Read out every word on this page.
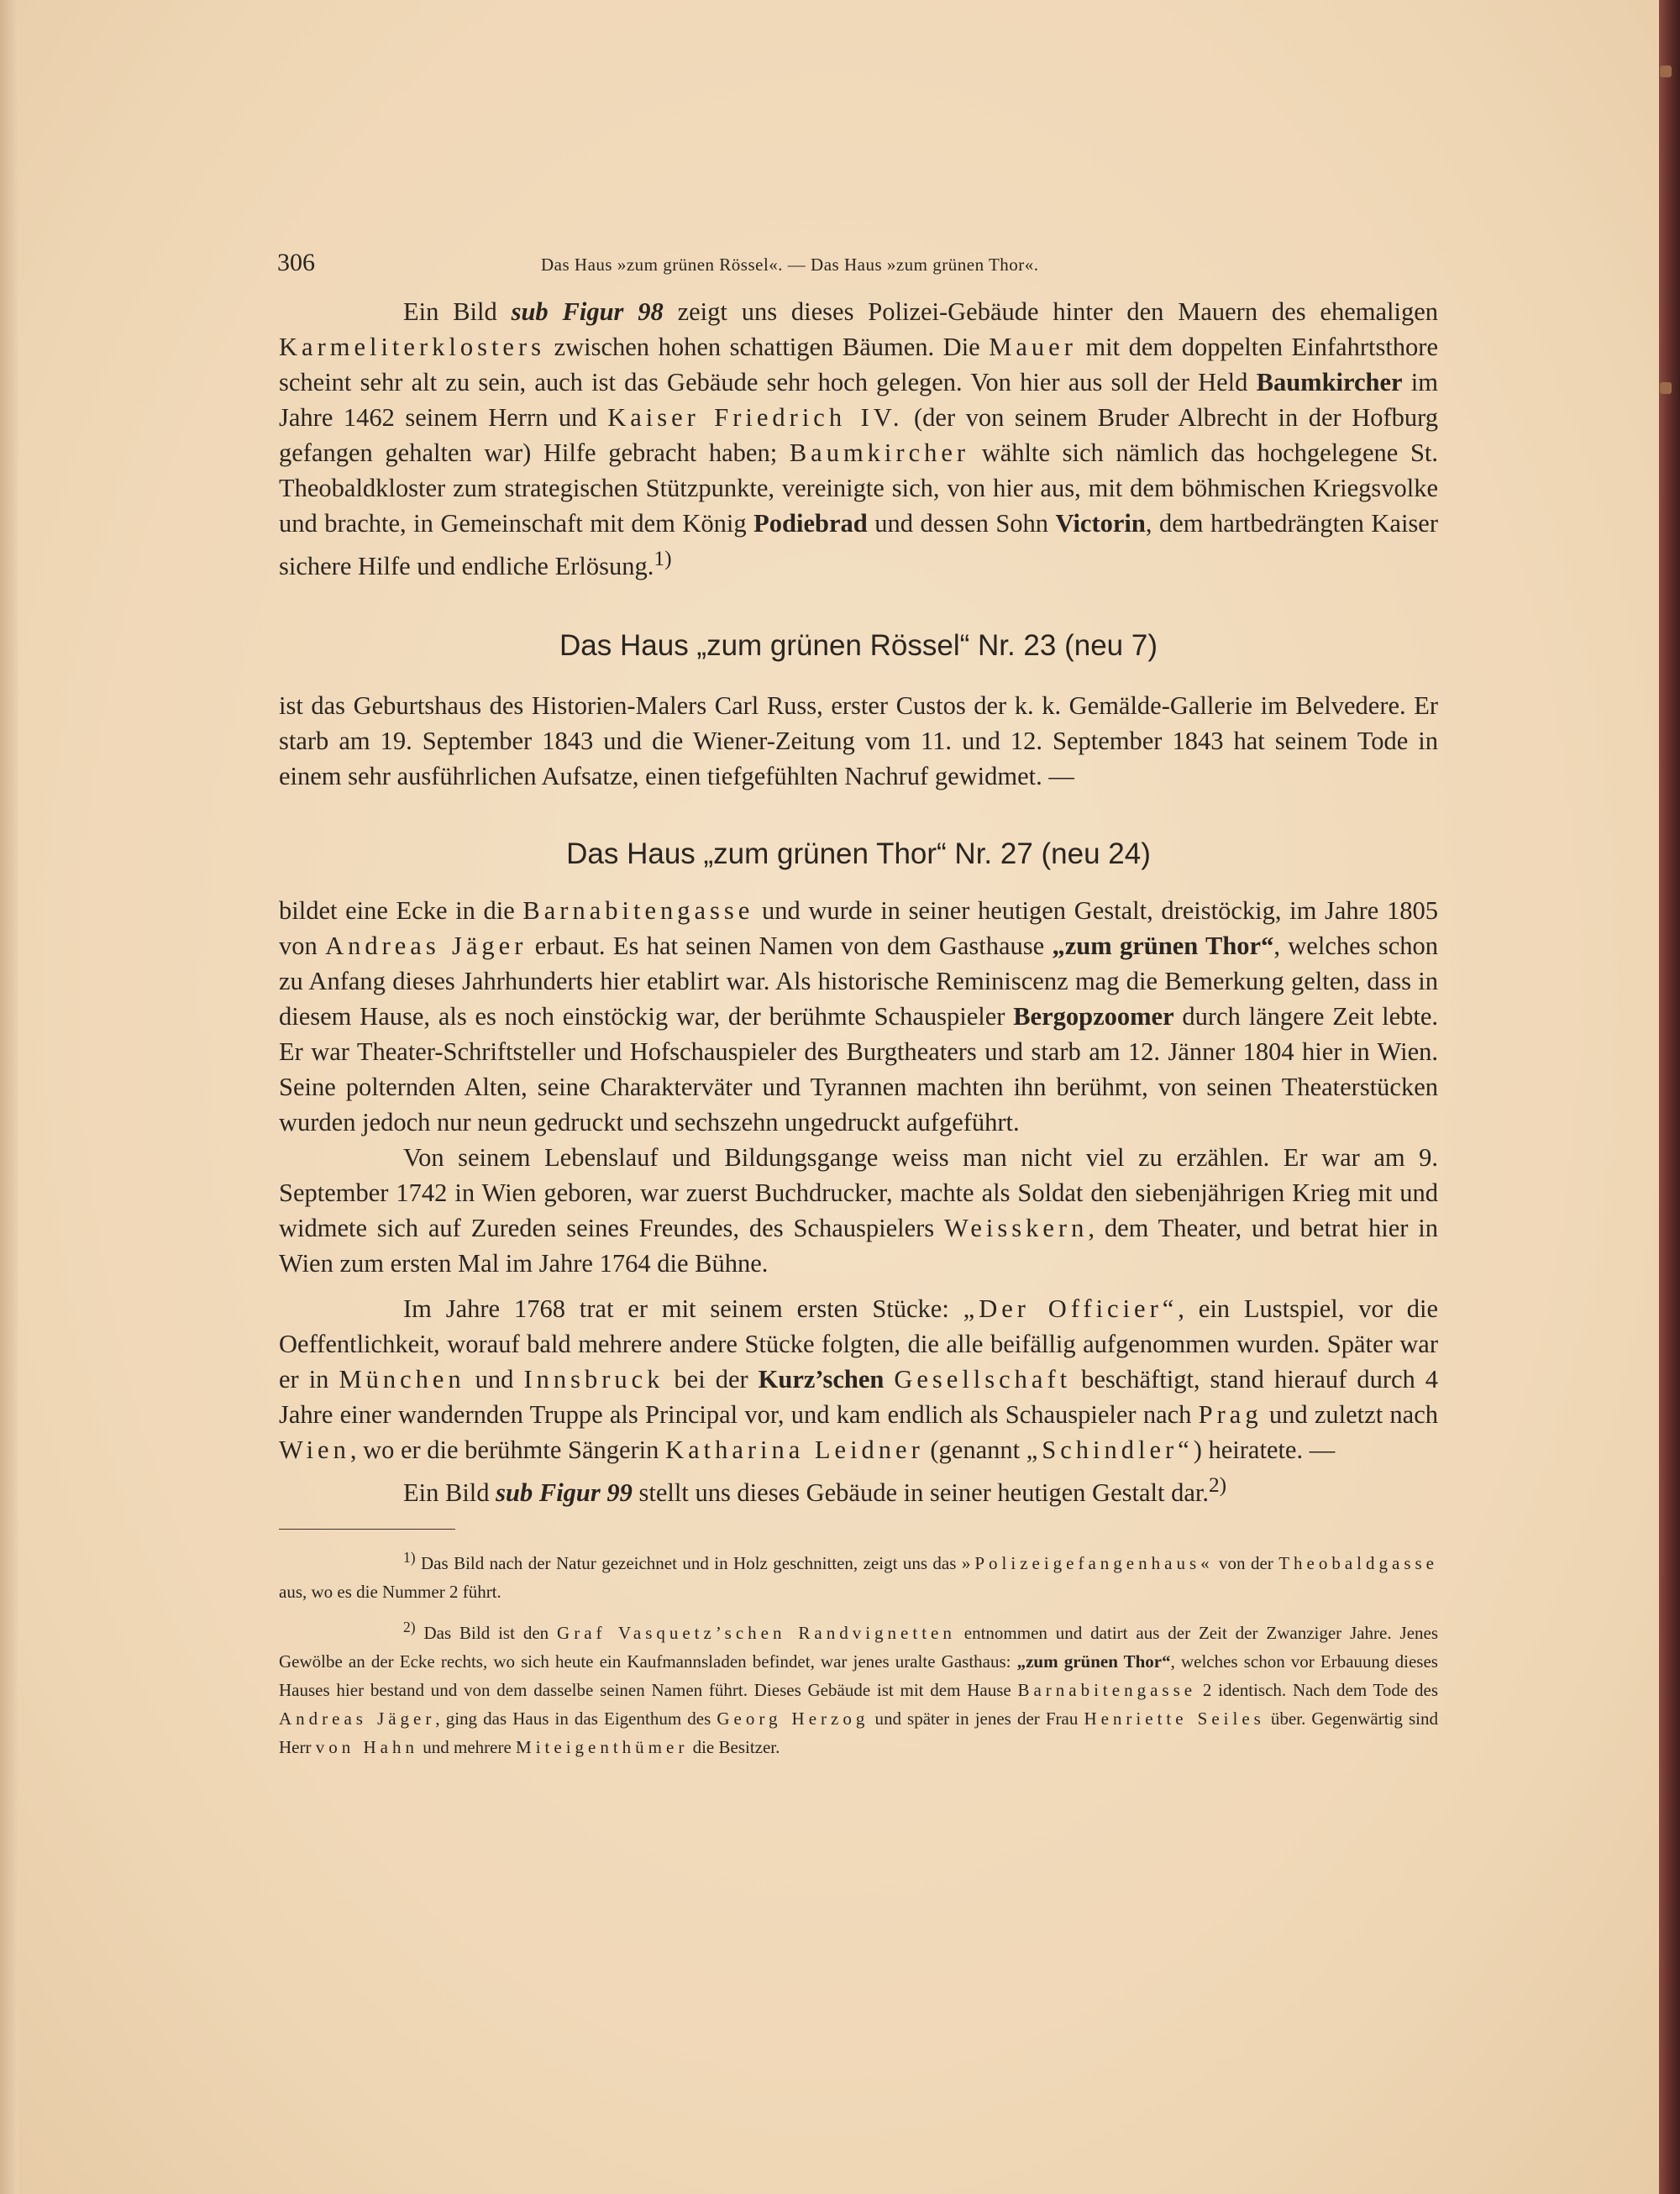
306	Das Haus »zum grünen Rössel«. — Das Haus »zum grünen Thor«.

Ein Bild sub Figur 98 zeigt uns dieses Polizei-Gebäude hinter den Mauern des ehemaligen Karmeliterklosters zwischen hohen schattigen Bäumen. Die Mauer mit dem doppelten Einfahrtsthore scheint sehr alt zu sein, auch ist das Gebäude sehr hoch gelegen. Von hier aus soll der Held Baumkircher im Jahre 1462 seinem Herrn und Kaiser Friedrich IV. (der von seinem Bruder Albrecht in der Hofburg gefangen gehalten war) Hilfe gebracht haben; Baumkircher wählte sich nämlich das hochgelegene St. Theobaldkloster zum strategischen Stützpunkte, vereinigte sich, von hier aus, mit dem böhmischen Kriegsvolke und brachte, in Gemeinschaft mit dem König Podiebrad und dessen Sohn Victorin, dem hartbedrängten Kaiser sichere Hilfe und endliche Erlösung.$^{1)}$

Das Haus „zum grünen Rössel“ Nr. 23 (neu 7)

ist das Geburtshaus des Historien-Malers Carl Russ, erster Custos der k. k. Gemälde-Gallerie im Belvedere. Er starb am 19. September 1843 und die Wiener-Zeitung vom 11. und 12. September 1843 hat seinem Tode in einem sehr ausführlichen Aufsatze, einen tiefgefühlten Nachruf gewidmet. —

Das Haus „zum grünen Thor“ Nr. 27 (neu 24)

bildet eine Ecke in die Barnabitengasse und wurde in seiner heutigen Gestalt, dreistöckig, im Jahre 1805 von Andreas Jäger erbaut. Es hat seinen Namen von dem Gasthause „zum grünen Thor“, welches schon zu Anfang dieses Jahrhunderts hier etablirt war. Als historische Reminiscenz mag die Bemerkung gelten, dass in diesem Hause, als es noch einstöckig war, der berühmte Schauspieler Bergopzoomer durch längere Zeit lebte. Er war Theater-Schriftsteller und Hofschauspieler des Burgtheaters und starb am 12. Jänner 1804 hier in Wien. Seine polternden Alten, seine Charakterväter und Tyrannen machten ihn berühmt, von seinen Theaterstücken wurden jedoch nur neun gedruckt und sechszehn ungedruckt aufgeführt.

Von seinem Lebenslauf und Bildungsgange weiss man nicht viel zu erzählen. Er war am 9. September 1742 in Wien geboren, war zuerst Buchdrucker, machte als Soldat den siebenjährigen Krieg mit und widmete sich auf Zureden seines Freundes, des Schauspielers Weisskern, dem Theater, und betrat hier in Wien zum ersten Mal im Jahre 1764 die Bühne.

Im Jahre 1768 trat er mit seinem ersten Stücke: „Der Officier“, ein Lustspiel, vor die Oeffentlichkeit, worauf bald mehrere andere Stücke folgten, die alle beifällig aufgenommen wurden. Später war er in München und Innsbruck bei der Kurz’schen Gesellschaft beschäftigt, stand hierauf durch 4 Jahre einer wandernden Truppe als Principal vor, und kam endlich als Schauspieler nach Prag und zuletzt nach Wien, wo er die berühmte Sängerin Katharina Leidner (genannt „Schindler“) heiratete. —

Ein Bild sub Figur 99 stellt uns dieses Gebäude in seiner heutigen Gestalt dar.$^{2)}$

$^{1)}$ Das Bild nach der Natur gezeichnet und in Holz geschnitten, zeigt uns das »Polizeigefangenhaus« von der Theobaldgasse aus, wo es die Nummer 2 führt.

$^{2)}$ Das Bild ist den Graf Vasquetz’schen Randvignetten entnommen und datirt aus der Zeit der Zwanziger Jahre. Jenes Gewölbe an der Ecke rechts, wo sich heute ein Kaufmannsladen befindet, war jenes uralte Gasthaus: „zum grünen Thor“, welches schon vor Erbauung dieses Hauses hier bestand und von dem dasselbe seinen Namen führt. Dieses Gebäude ist mit dem Hause Barnabitengasse 2 identisch. Nach dem Tode des Andreas Jäger, ging das Haus in das Eigenthum des Georg Herzog und später in jenes der Frau Henriette Seiles über. Gegenwärtig sind Herr von Hahn und mehrere Miteigenthümer die Besitzer.
